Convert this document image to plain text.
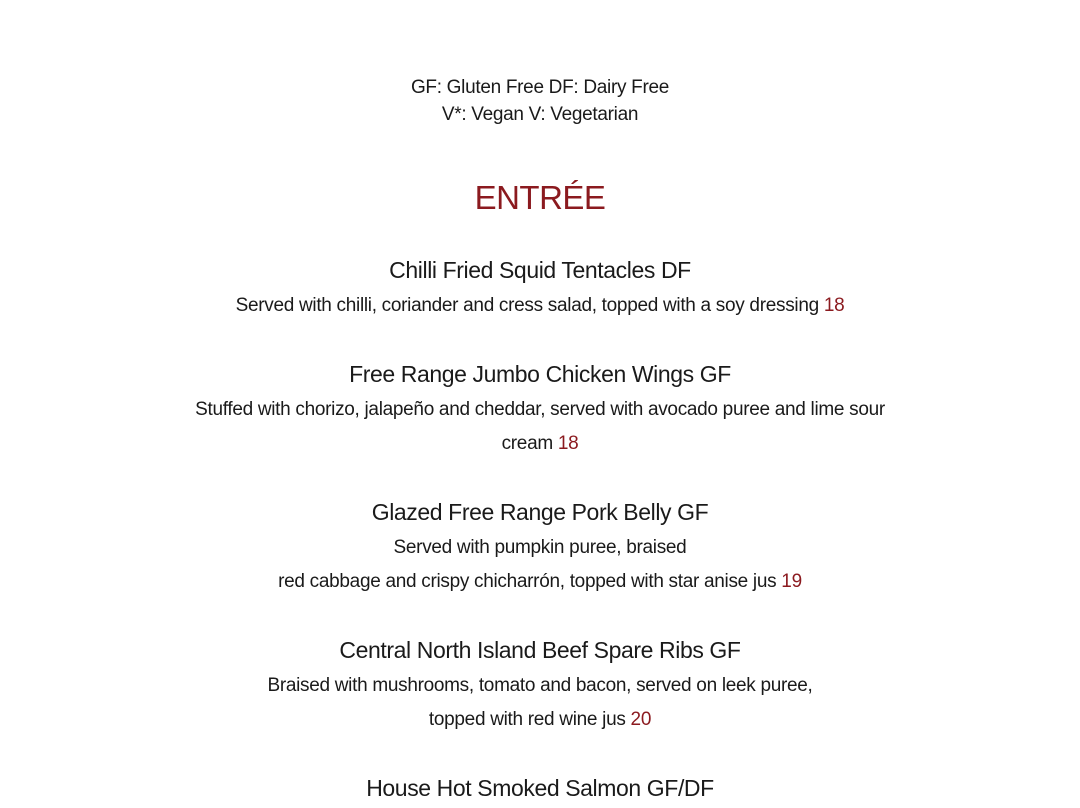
GF: Gluten Free DF: Dairy Free
V*: Vegan V: Vegetarian
ENTRÉE
Chilli Fried Squid Tentacles DF
Served with chilli, coriander and cress salad, topped with a soy dressing 18
Free Range Jumbo Chicken Wings GF
Stuffed with chorizo, jalapeño and cheddar, served with avocado puree and lime sour
cream 18
Glazed Free Range Pork Belly GF
Served with pumpkin puree, braised
red cabbage and crispy chicharrón, topped with star anise jus 19
Central North Island Beef Spare Ribs GF
Braised with mushrooms, tomato and bacon, served on leek puree,
topped with red wine jus 20
House Hot Smoked Salmon GF/DF
